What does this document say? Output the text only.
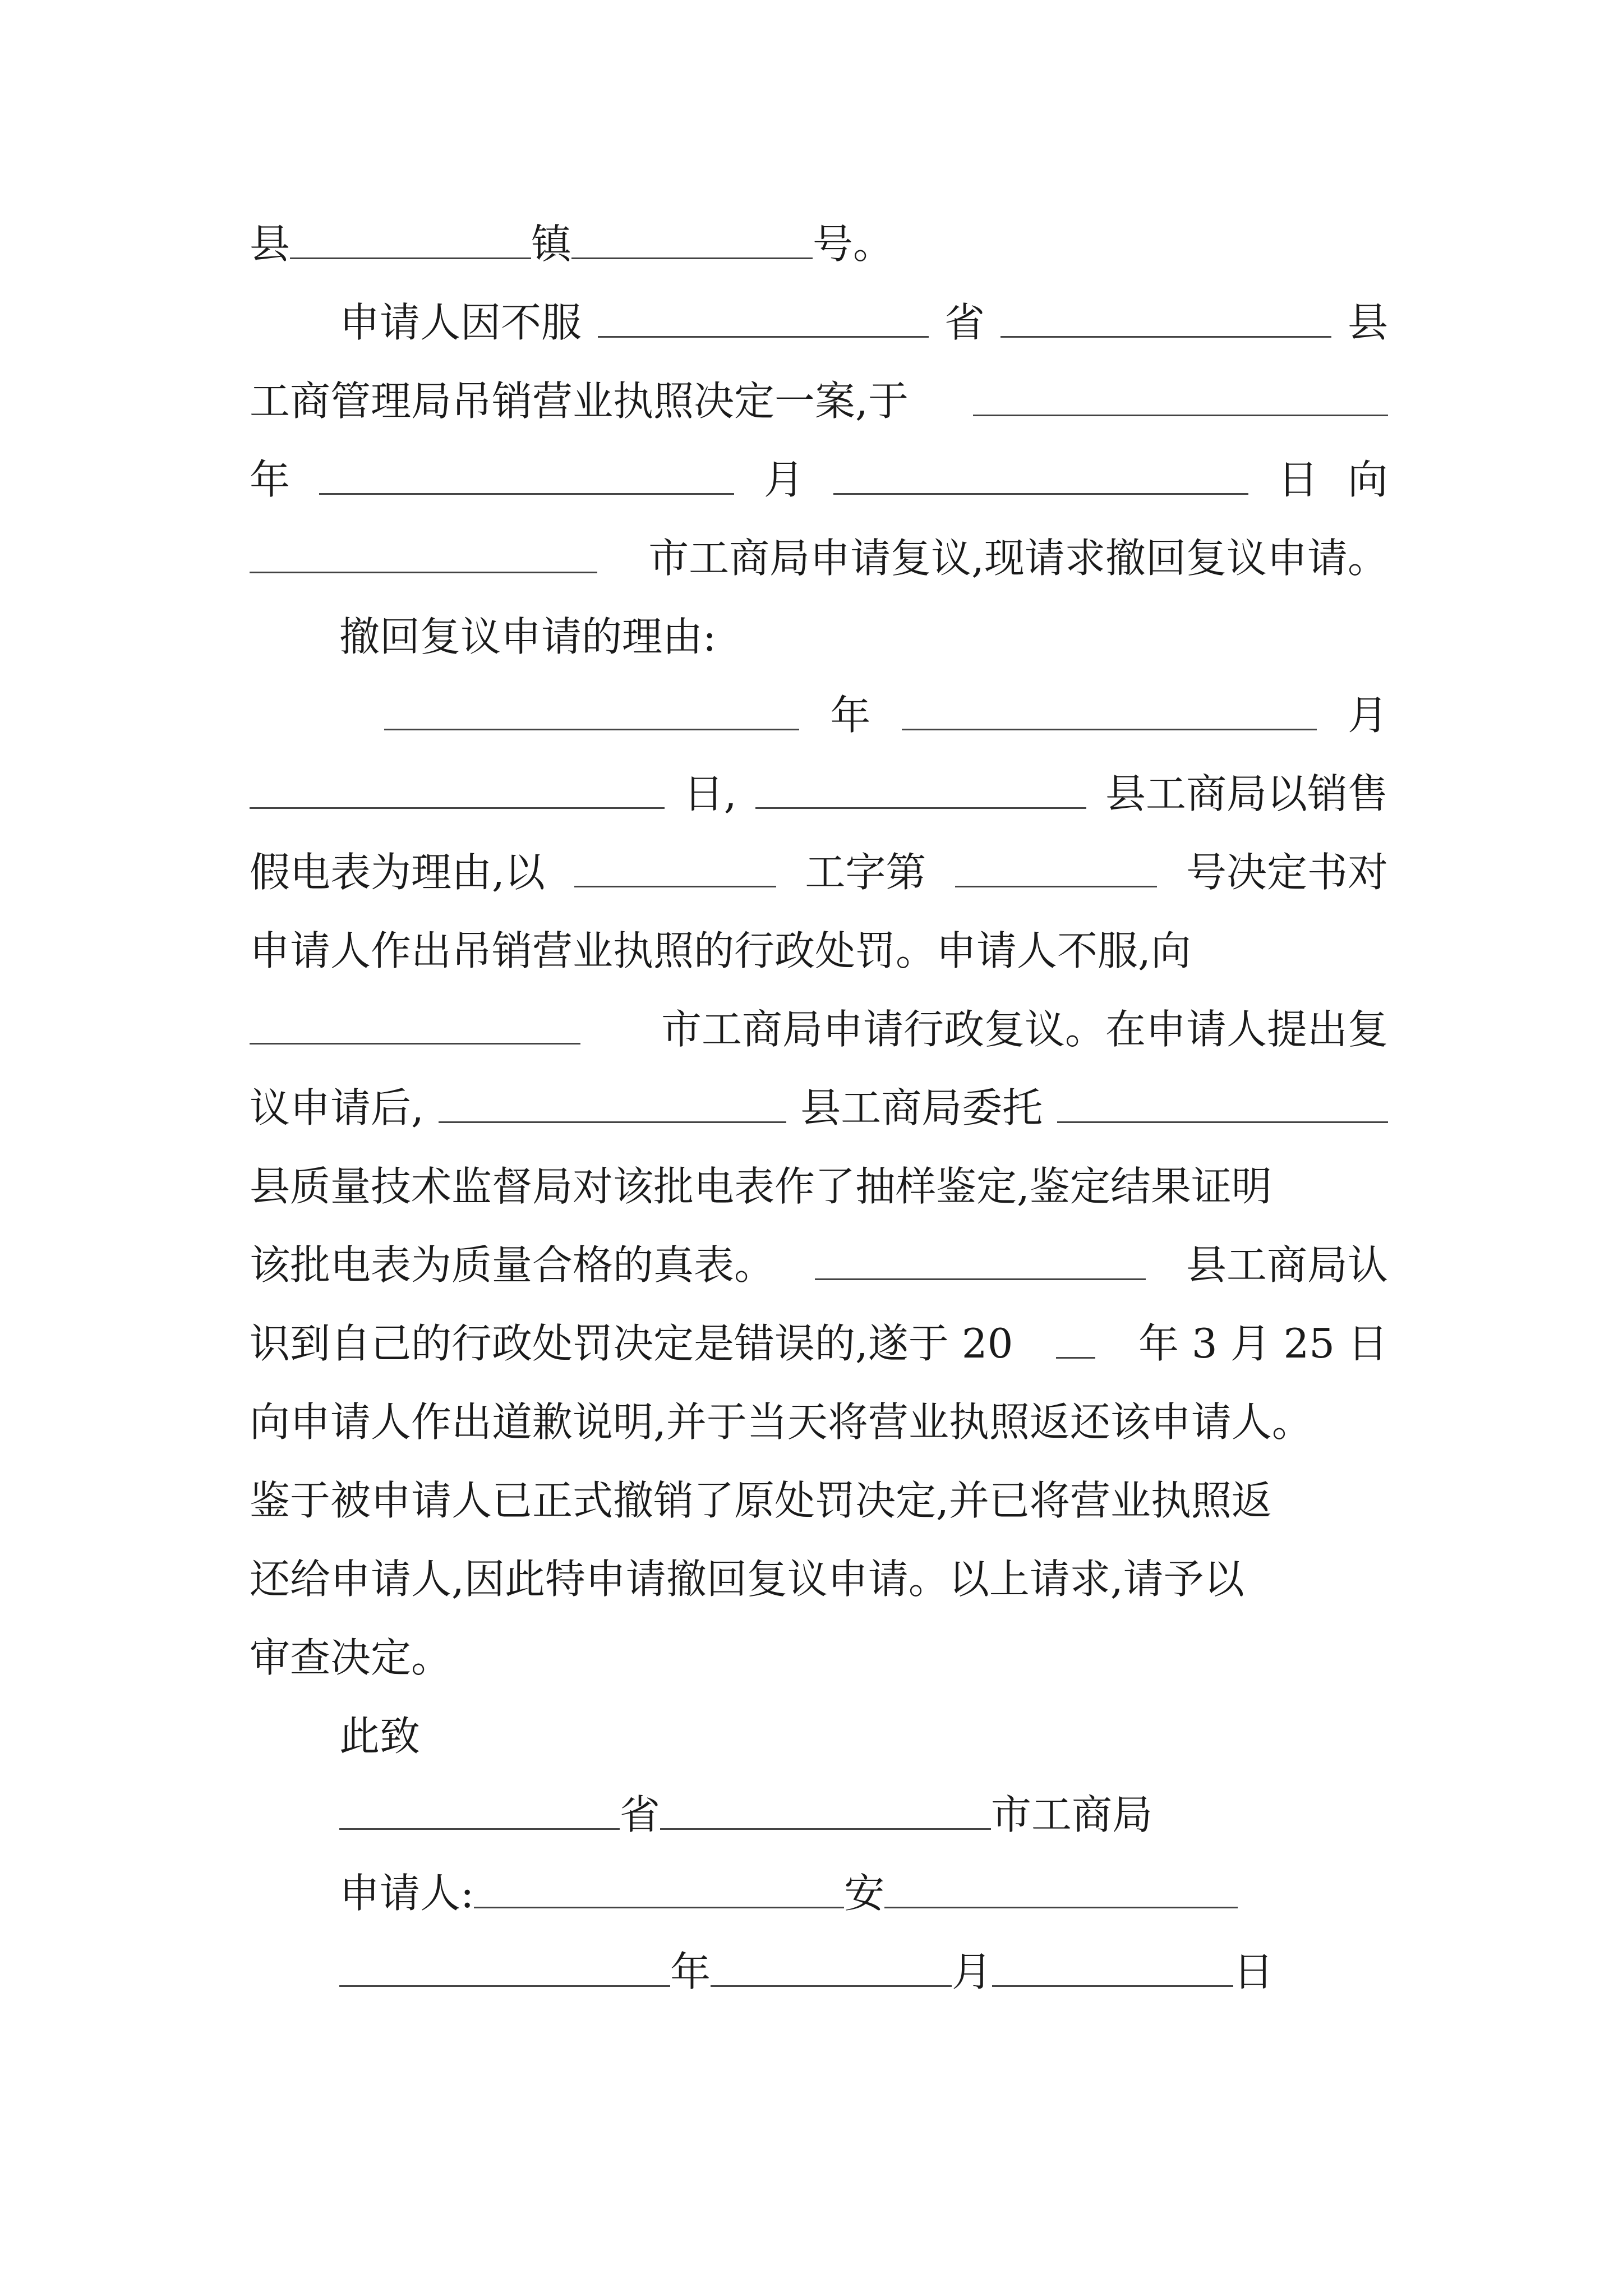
县	镇	号。
申请人因不服	省	县
工商管理局吊销营业执照决定一案,于
年	月	日 向
市工商局申请复议,现请求撤回复议申请。
撤回复议申请的理由:
年	月
日,	县工商局以销售
假电表为理由,以	工字第	号决定书对
申请人作出吊销营业执照的行政处罚。申请人不服,向
市工商局申请行政复议。在申请人提出复
议申请后,	县工商局委托
县质量技术监督局对该批电表作了抽样鉴定,鉴定结果证明
该批电表为质量合格的真表。	县工商局认
识到自己的行政处罚决定是错误的,遂于 20	年 3 月 25 日
向申请人作出道歉说明,并于当天将营业执照返还该申请人。
鉴于被申请人已正式撤销了原处罚决定,并已将营业执照返
还给申请人,因此特申请撤回复议申请。以上请求,请予以
审查决定。
此致
省	市工商局
申请人:	安
年	月	日
